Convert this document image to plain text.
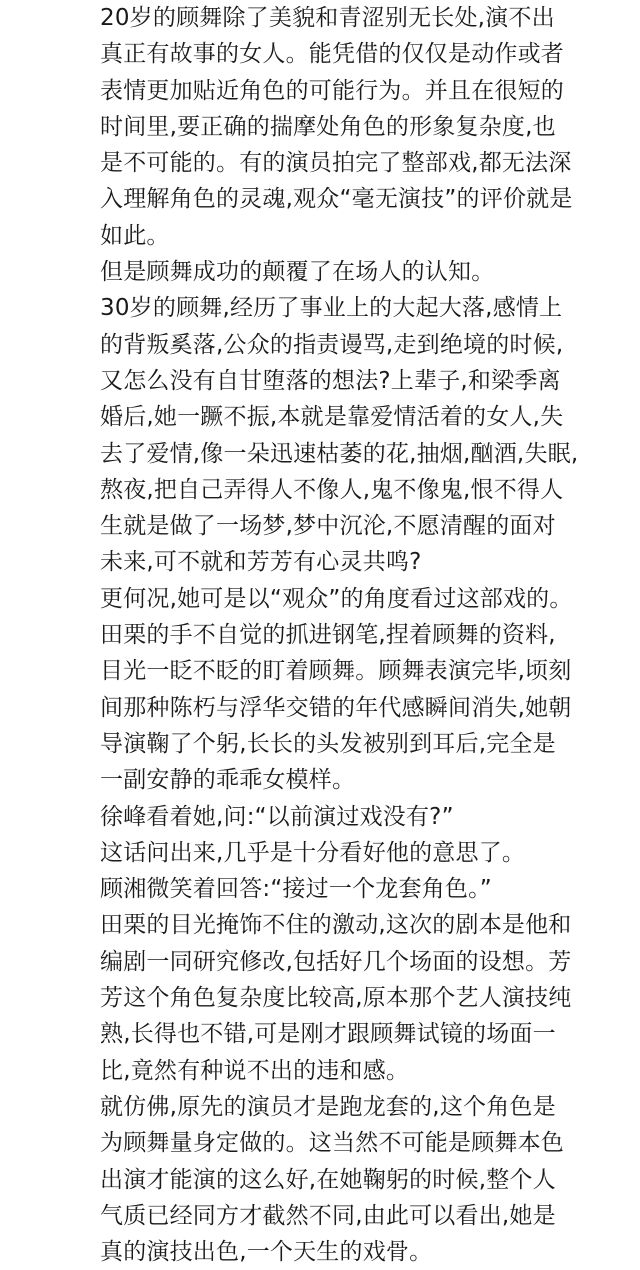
20岁的顾舞除了美貌和青涩别无长处,演不出
真正有故事的女人。能凭借的仅仅是动作或者
表情更加贴近角色的可能行为。并且在很短的
时间里,要正确的揣摩处角色的形象复杂度,也
是不可能的。有的演员拍完了整部戏,都无法深
入理解角色的灵魂,观众“毫无演技”的评价就是
如此。
但是顾舞成功的颠覆了在场人的认知。
30岁的顾舞,经历了事业上的大起大落,感情上
的背叛奚落,公众的指责谩骂,走到绝境的时候,
又怎么没有自甘堕落的想法?上辈子,和梁季离
婚后,她一蹶不振,本就是靠爱情活着的女人,失
去了爱情,像一朵迅速枯萎的花,抽烟,酗酒,失眠,
熬夜,把自己弄得人不像人,鬼不像鬼,恨不得人
生就是做了一场梦,梦中沉沦,不愿清醒的面对
未来,可不就和芳芳有心灵共鸣?
更何况,她可是以“观众”的角度看过这部戏的。
田栗的手不自觉的抓进钢笔,捏着顾舞的资料,
目光一眨不眨的盯着顾舞。顾舞表演完毕,顷刻
间那种陈朽与浮华交错的年代感瞬间消失,她朝
导演鞠了个躬,长长的头发被别到耳后,完全是
一副安静的乖乖女模样。
徐峰看着她,问:“以前演过戏没有?”
这话问出来,几乎是十分看好他的意思了。
顾湘微笑着回答:“接过一个龙套角色。”
田栗的目光掩饰不住的激动,这次的剧本是他和
编剧一同研究修改,包括好几个场面的设想。芳
芳这个角色复杂度比较高,原本那个艺人演技纯
熟,长得也不错,可是刚才跟顾舞试镜的场面一
比,竟然有种说不出的违和感。
就仿佛,原先的演员才是跑龙套的,这个角色是
为顾舞量身定做的。这当然不可能是顾舞本色
出演才能演的这么好,在她鞠躬的时候,整个人
气质已经同方才截然不同,由此可以看出,她是
真的演技出色,一个天生的戏骨。
